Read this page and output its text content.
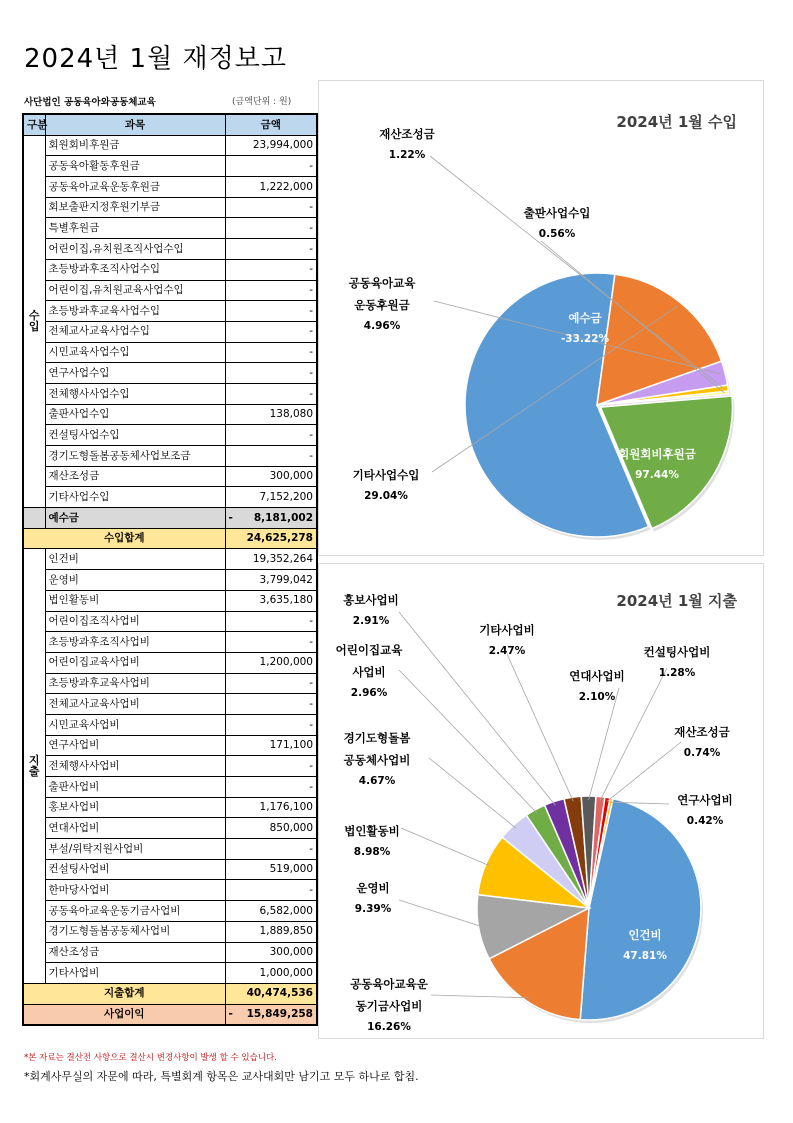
2024년 1월 재정보고
사단법인 공동육아와공동체교육	(금액단위 : 원)
구분	과목	금액
수입	회원회비후원금	23,994,000
	공동육아활동후원금	-
	공동육아교육운동후원금	1,222,000
	회보출판지정후원기부금	-
	특별후원금	-
	어린이집,유치원조직사업수입	-
	초등방과후조직사업수입	-
	어린이집,유치원교육사업수입	-
	초등방과후교육사업수입	-
	전체교사교육사업수입	-
	시민교육사업수입	-
	연구사업수입	-
	전체행사사업수입	-
	출판사업수입	138,080
	컨설팅사업수입	-
	경기도형돌봄공동체사업보조금	-
	재산조성금	300,000
	기타사업수입	7,152,200
	예수금	- 8,181,002
수입합계		24,625,278
지출	인건비	19,352,264
	운영비	3,799,042
	법인활동비	3,635,180
	어린이집조직사업비	-
	초등방과후조직사업비	-
	어린이집교육사업비	1,200,000
	초등방과후교육사업비	-
	전체교사교육사업비	-
	시민교육사업비	-
	연구사업비	171,100
	전체행사사업비	-
	출판사업비	-
	홍보사업비	1,176,100
	연대사업비	850,000
	부설/위탁지원사업비	-
	컨설팅사업비	519,000
	한마당사업비	-
	공동육아교육운동기금사업비	6,582,000
	경기도형돌봄공동체사업비	1,889,850
	재산조성금	300,000
	기타사업비	1,000,000
지출합계		40,474,536
사업이익		- 15,849,258
*본 자료는 결산전 사항으로 결산시 변경사항이 발생 할 수 있습니다.
*회계사무실의 자문에 따라, 특별회계 항목은 교사대회만 남기고 모두 하나로 합침.
2024년 1월 수입
회원회비후원금
97.44%
기타사업수입
29.04%
공동육아교육 운동후원금
4.96%
재산조성금
1.22%
출판사업수입
0.56%
예수금
-33.22%
2024년 1월 지출
인건비
47.81%
공동육아교육운 동기금사업비
16.26%
운영비
9.39%
법인활동비
8.98%
경기도형돌봄 공동체사업비
4.67%
어린이집교육 사업비
2.96%
홍보사업비
2.91%
기타사업비
2.47%
연대사업비
2.10%
컨설팅사업비
1.28%
재산조성금
0.74%
연구사업비
0.42%
